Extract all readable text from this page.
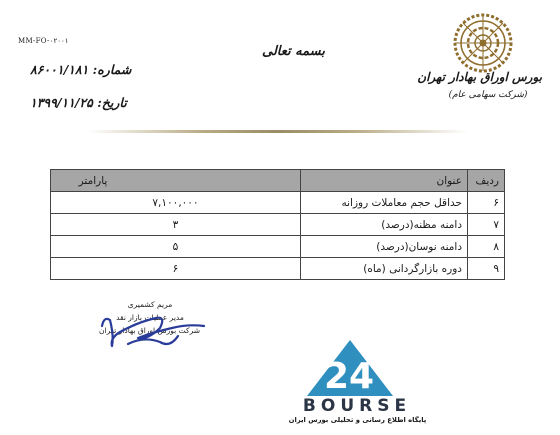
MM-FO-۰۲۰۰۱
شماره: ۸۶۰۰۱/۱۸۱
تاریخ: ۱۳۹۹/۱۱/۲۵
بسمه تعالی
بورس اوراق بهادار تهران
(شرکت سهامی عام)
ردیف	عنوان	پارامتر
۶	حداقل حجم معاملات روزانه	۷,۱۰۰,۰۰۰
۷	دامنه مظنه(درصد)	۳
۸	دامنه نوسان(درصد)	۵
۹	دوره بازارگردانی (ماه)	۶
مریم کشمیری
مدیر عملیات بازار نقد
شرکت بورس اوراق بهادار تهران
24
BOURSE
پایگاه اطلاع رسانی و تحلیلی بورس ایران
